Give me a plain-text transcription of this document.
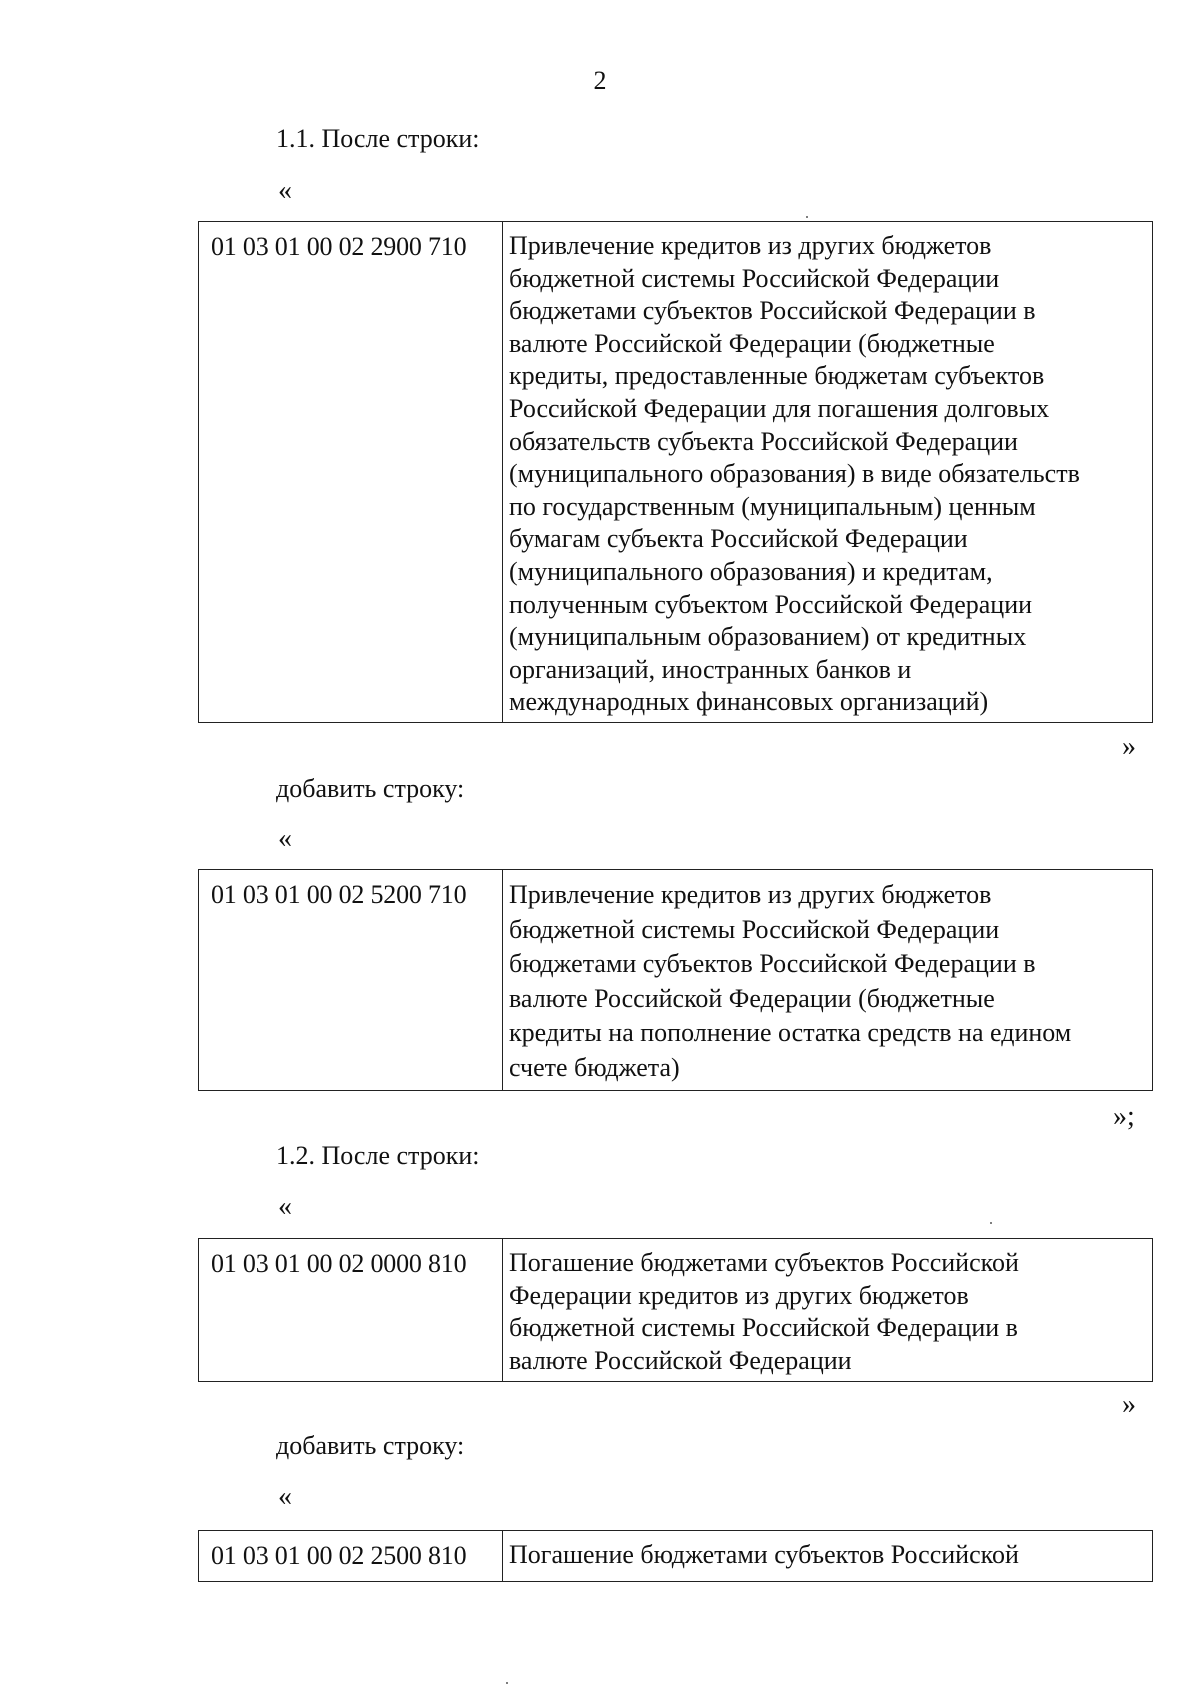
2
1.1. После строки:
«
01 03 01 00 02 2900 710	Привлечение кредитов из других бюджетов
бюджетной системы Российской Федерации
бюджетами субъектов Российской Федерации в
валюте Российской Федерации (бюджетные
кредиты, предоставленные бюджетам субъектов
Российской Федерации для погашения долговых
обязательств субъекта Российской Федерации
(муниципального образования) в виде обязательств
по государственным (муниципальным) ценным
бумагам субъекта Российской Федерации
(муниципального образования) и кредитам,
полученным субъектом Российской Федерации
(муниципальным образованием) от кредитных
организаций, иностранных банков и
международных финансовых организаций)
»
добавить строку:
«
01 03 01 00 02 5200 710	Привлечение кредитов из других бюджетов
бюджетной системы Российской Федерации
бюджетами субъектов Российской Федерации в
валюте Российской Федерации (бюджетные
кредиты на пополнение остатка средств на едином
счете бюджета)
»;
1.2. После строки:
«
01 03 01 00 02 0000 810	Погашение бюджетами субъектов Российской
Федерации кредитов из других бюджетов
бюджетной системы Российской Федерации в
валюте Российской Федерации
»
добавить строку:
«
01 03 01 00 02 2500 810	Погашение бюджетами субъектов Российской
